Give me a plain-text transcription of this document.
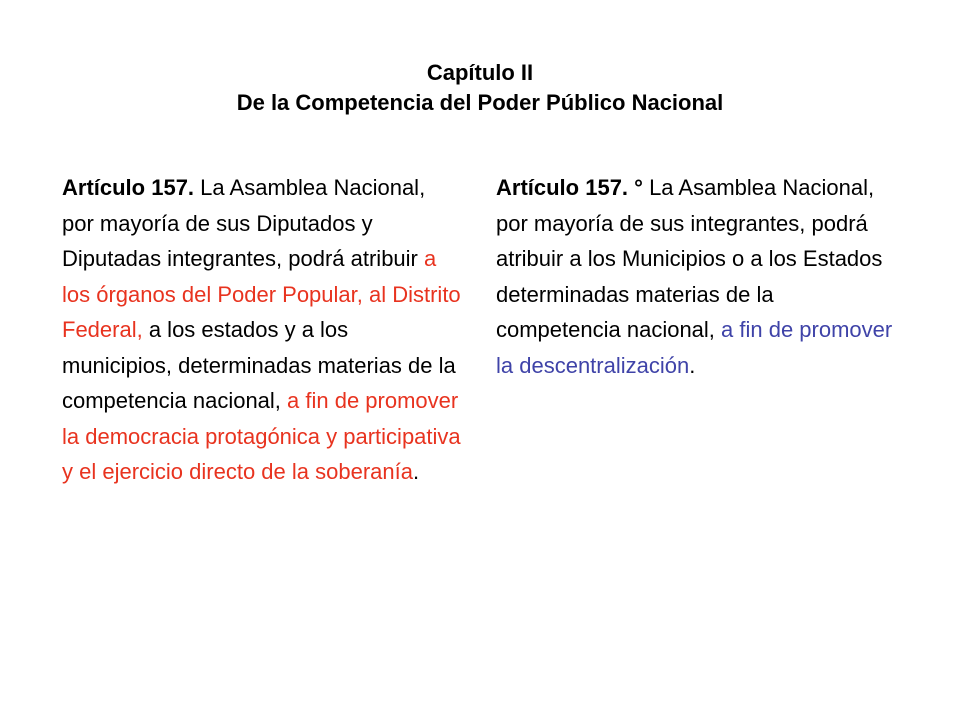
Capítulo II
De la Competencia del Poder Público Nacional
Artículo 157. La Asamblea Nacional, por mayoría de sus Diputados y Diputadas integrantes, podrá atribuir a los órganos del Poder Popular, al Distrito Federal, a los estados y a los municipios, determinadas materias de la competencia nacional, a fin de promover la democracia protagónica y participativa y el ejercicio directo de la soberanía.
Artículo 157. ° La Asamblea Nacional, por mayoría de sus integrantes, podrá atribuir a los Municipios o a los Estados determinadas materias de la competencia nacional, a fin de promover la descentralización.
